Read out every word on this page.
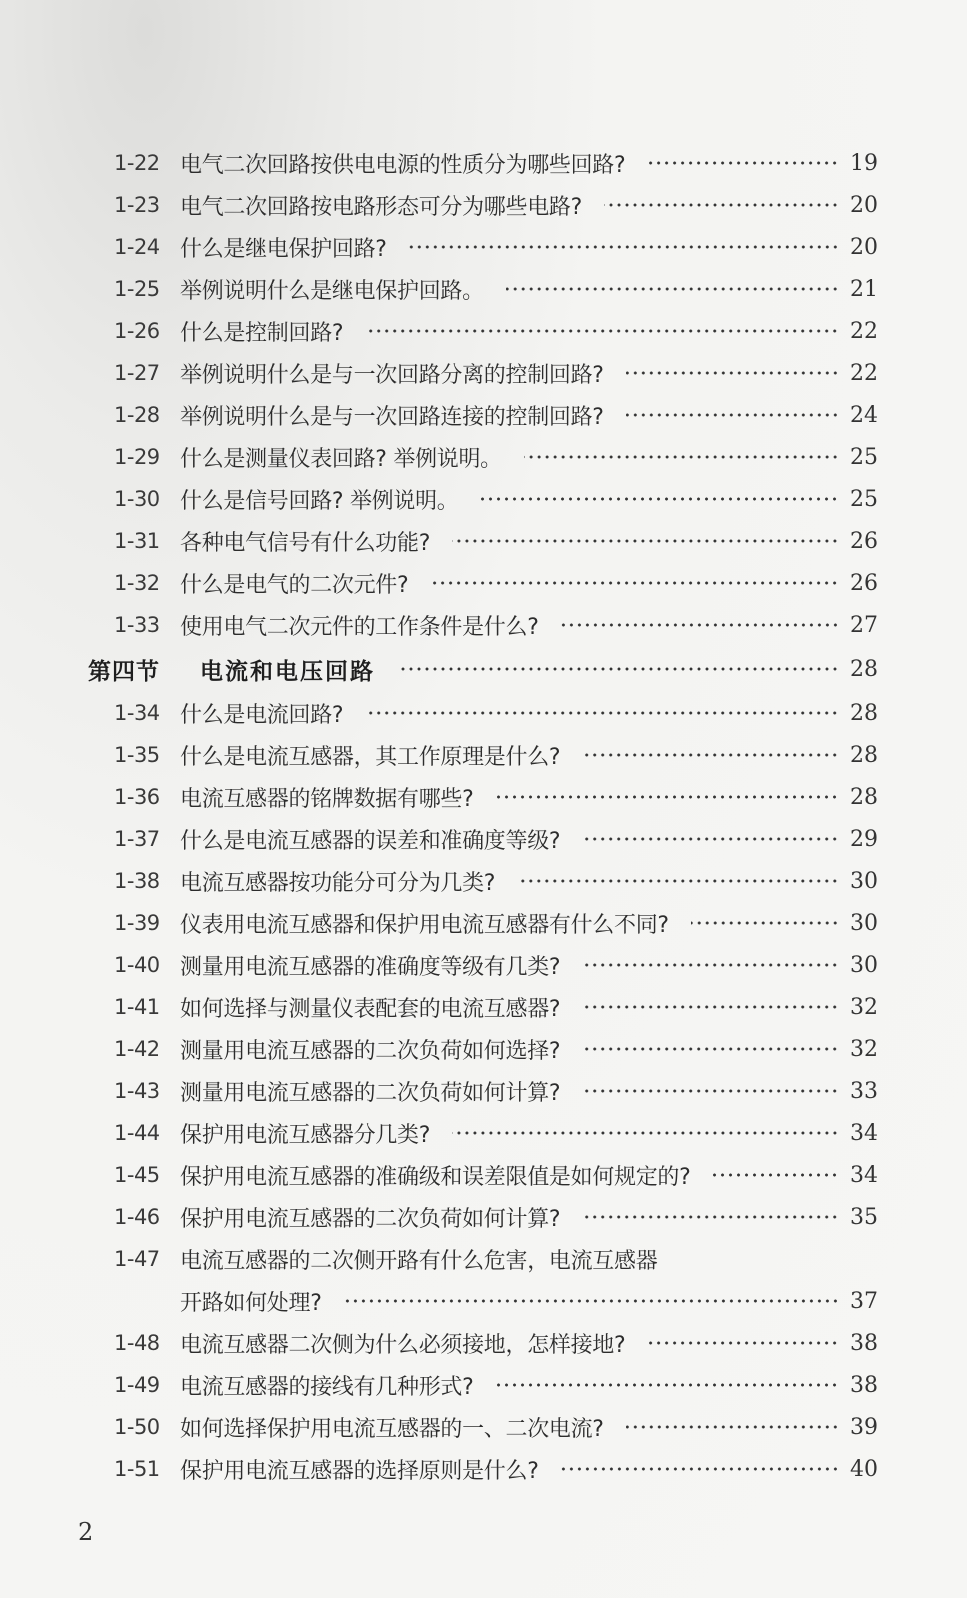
1-22 电气二次回路按供电电源的性质分为哪些回路?	19
1-23 电气二次回路按电路形态可分为哪些电路?	20
1-24 什么是继电保护回路?	20
1-25 举例说明什么是继电保护回路。	21
1-26 什么是控制回路?	22
1-27 举例说明什么是与一次回路分离的控制回路?	22
1-28 举例说明什么是与一次回路连接的控制回路?	24
1-29 什么是测量仪表回路? 举例说明。	25
1-30 什么是信号回路? 举例说明。	25
1-31 各种电气信号有什么功能?	26
1-32 什么是电气的二次元件?	26
1-33 使用电气二次元件的工作条件是什么?	27
第四节 电流和电压回路	28
1-34 什么是电流回路?	28
1-35 什么是电流互感器，其工作原理是什么?	28
1-36 电流互感器的铭牌数据有哪些?	28
1-37 什么是电流互感器的误差和准确度等级?	29
1-38 电流互感器按功能分可分为几类?	30
1-39 仪表用电流互感器和保护用电流互感器有什么不同?	30
1-40 测量用电流互感器的准确度等级有几类?	30
1-41 如何选择与测量仪表配套的电流互感器?	32
1-42 测量用电流互感器的二次负荷如何选择?	32
1-43 测量用电流互感器的二次负荷如何计算?	33
1-44 保护用电流互感器分几类?	34
1-45 保护用电流互感器的准确级和误差限值是如何规定的?	34
1-46 保护用电流互感器的二次负荷如何计算?	35
1-47 电流互感器的二次侧开路有什么危害，电流互感器
开路如何处理?	37
1-48 电流互感器二次侧为什么必须接地，怎样接地?	38
1-49 电流互感器的接线有几种形式?	38
1-50 如何选择保护用电流互感器的一、二次电流?	39
1-51 保护用电流互感器的选择原则是什么?	40
2
